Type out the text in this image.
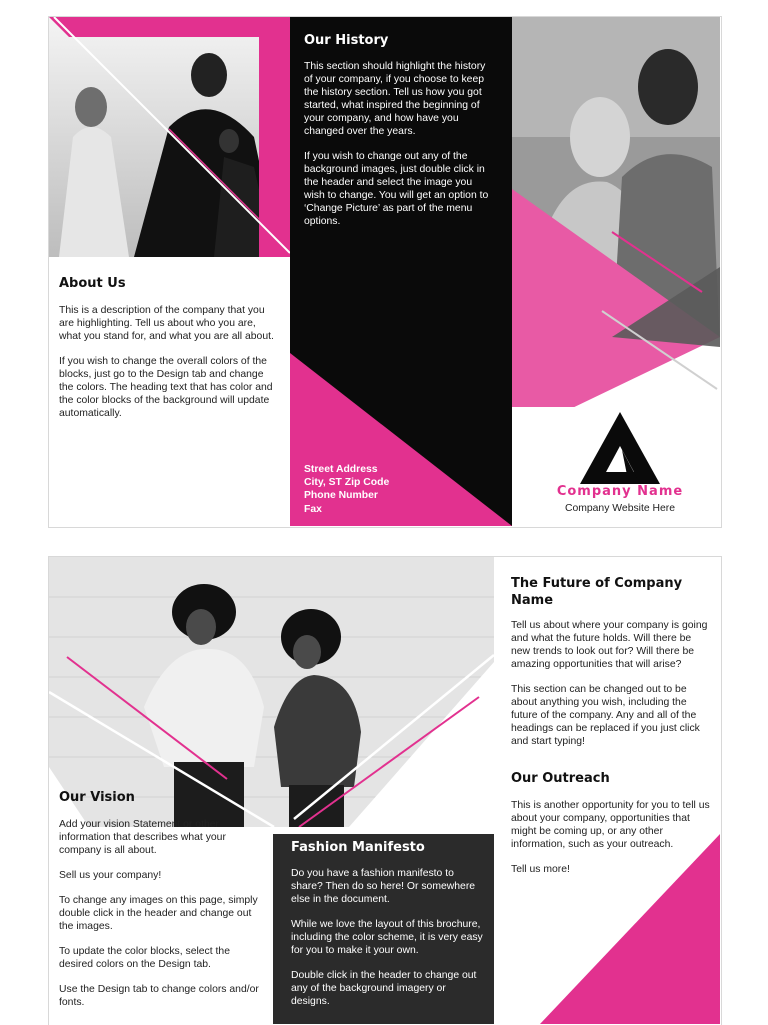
About Us

This is a description of the company that you are highlighting. Tell us about who you are, what you stand for, and what you are all about.

If you wish to change the overall colors of the blocks, just go to the Design tab and change the colors. The heading text that has color and the color blocks of the background will update automatically.

Our History

This section should highlight the history of your company, if you choose to keep the history section. Tell us how you got started, what inspired the beginning of your company, and how have you changed over the years.

If you wish to change out any of the background images, just double click in the header and select the image you wish to change. You will get an option to ‘Change Picture’ as part of the menu options.

Street Address
City, ST Zip Code
Phone Number
Fax
Company Name
Company Website Here
Our Vision

Add your vision Statement or other information that describes what your company is all about.

Sell us your company!

To change any images on this page, simply double click in the header and change out the images.

To update the color blocks, select the desired colors on the Design tab.

Use the Design tab to change colors and/or fonts.

Fashion Manifesto

Do you have a fashion manifesto to share? Then do so here! Or somewhere else in the document.

While we love the layout of this brochure, including the color scheme, it is very easy for you to make it your own.

Double click in the header to change out any of the background imagery or designs.

The Future of Company Name

Tell us about where your company is going and what the future holds. Will there be new trends to look out for? Will there be amazing opportunities that will arise?

This section can be changed out to be about anything you wish, including the future of the company. Any and all of the headings can be replaced if you just click and start typing!

Our Outreach

This is another opportunity for you to tell us about your company, opportunities that might be coming up, or any other information, such as your outreach.

Tell us more!
